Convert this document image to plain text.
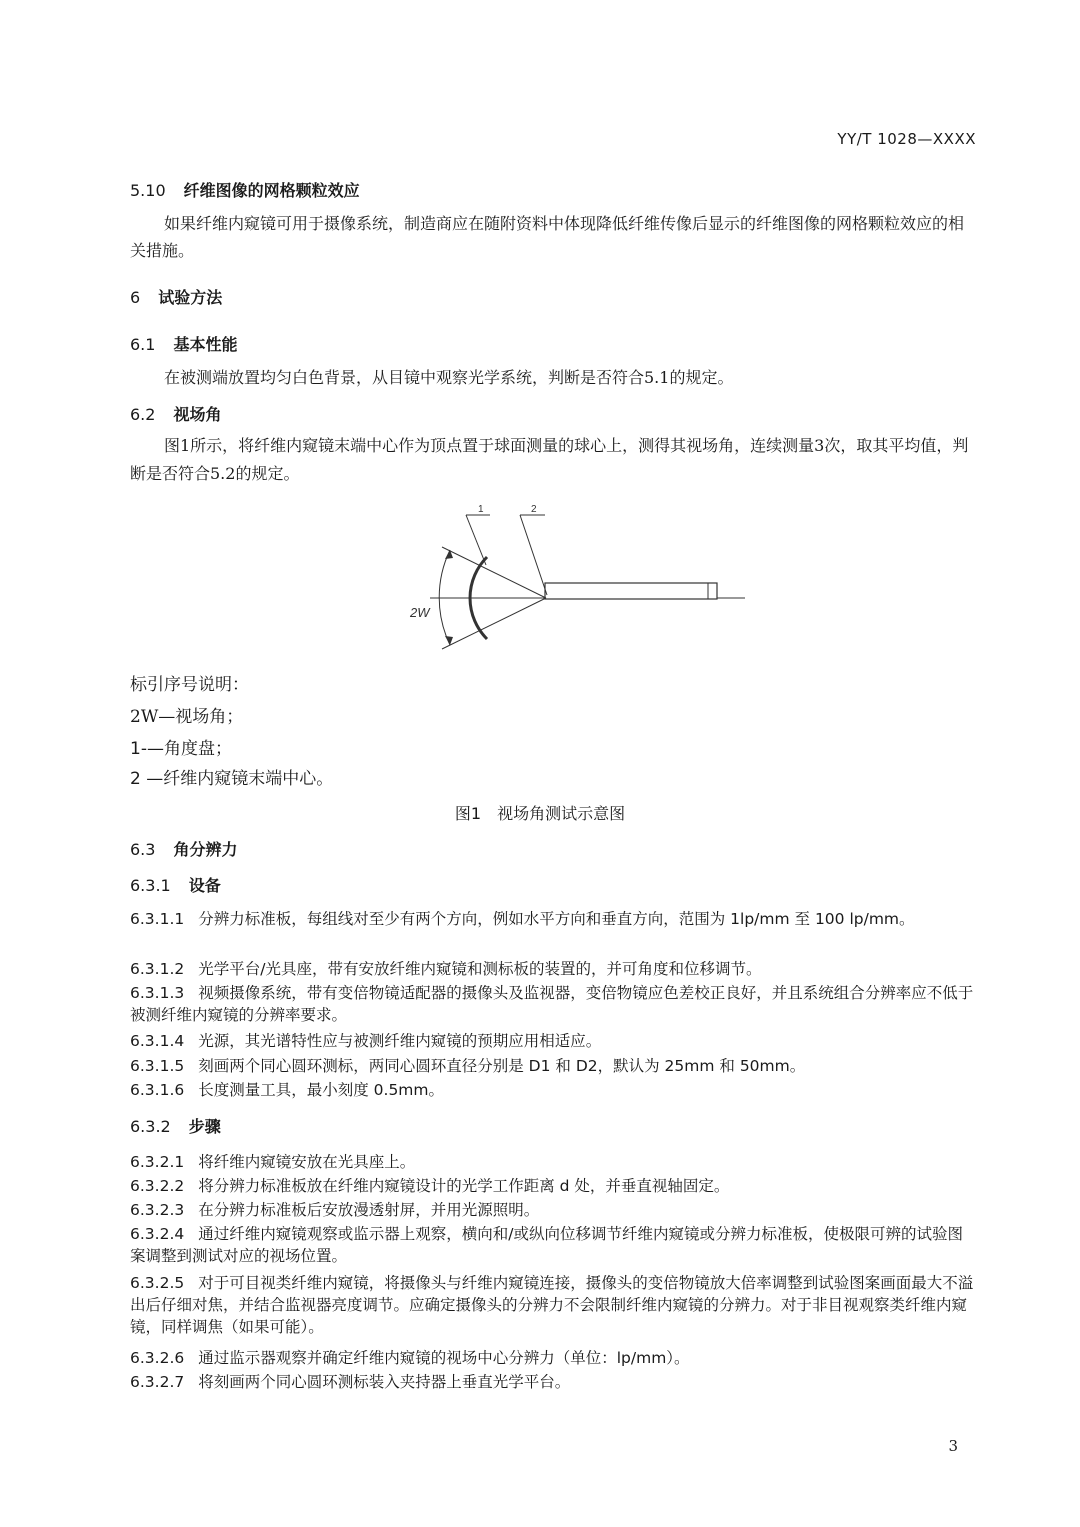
YY/T 1028—XXXX
5.10 纤维图像的网格颗粒效应
如果纤维内窥镜可用于摄像系统，制造商应在随附资料中体现降低纤维传像后显示的纤维图像的网格颗粒效应的相关措施。
6 试验方法
6.1 基本性能
在被测端放置均匀白色背景，从目镜中观察光学系统，判断是否符合5.1的规定。
6.2 视场角
图1所示，将纤维内窥镜末端中心作为顶点置于球面测量的球心上，测得其视场角，连续测量3次，取其平均值，判断是否符合5.2的规定。
1	2
2W
标引序号说明：
2W—视场角；
1-—角度盘；
2 —纤维内窥镜末端中心。
图1　视场角测试示意图
6.3 角分辨力
6.3.1 设备
6.3.1.1 分辨力标准板，每组线对至少有两个方向，例如水平方向和垂直方向，范围为 1lp/mm 至 100 lp/mm。
6.3.1.2 光学平台/光具座，带有安放纤维内窥镜和测标板的装置的，并可角度和位移调节。
6.3.1.3 视频摄像系统，带有变倍物镜适配器的摄像头及监视器，变倍物镜应色差校正良好，并且系统组合分辨率应不低于被测纤维内窥镜的分辨率要求。
6.3.1.4 光源，其光谱特性应与被测纤维内窥镜的预期应用相适应。
6.3.1.5 刻画两个同心圆环测标，两同心圆环直径分别是 D1 和 D2，默认为 25mm 和 50mm。
6.3.1.6 长度测量工具，最小刻度 0.5mm。
6.3.2 步骤
6.3.2.1 将纤维内窥镜安放在光具座上。
6.3.2.2 将分辨力标准板放在纤维内窥镜设计的光学工作距离 d 处，并垂直视轴固定。
6.3.2.3 在分辨力标准板后安放漫透射屏，并用光源照明。
6.3.2.4 通过纤维内窥镜观察或监示器上观察，横向和/或纵向位移调节纤维内窥镜或分辨力标准板，使极限可辨的试验图案调整到测试对应的视场位置。
6.3.2.5 对于可目视类纤维内窥镜，将摄像头与纤维内窥镜连接，摄像头的变倍物镜放大倍率调整到试验图案画面最大不溢出后仔细对焦，并结合监视器亮度调节。应确定摄像头的分辨力不会限制纤维内窥镜的分辨力。对于非目视观察类纤维内窥镜，同样调焦（如果可能）。
6.3.2.6 通过监示器观察并确定纤维内窥镜的视场中心分辨力（单位：lp/mm）。
6.3.2.7 将刻画两个同心圆环测标装入夹持器上垂直光学平台。
3
